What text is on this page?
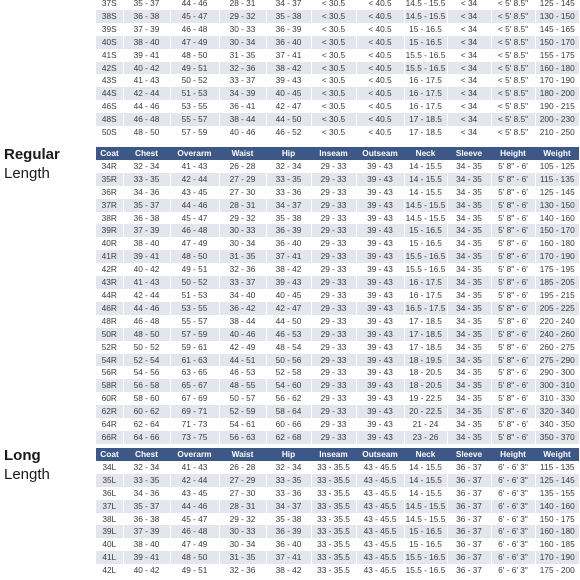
37S	35 - 37	44 - 46	28 - 31	34 - 37	< 30.5	< 40.5	14.5 - 15.5	< 34	< 5' 8.5"	125 - 145
38S	36 - 38	45 - 47	29 - 32	35 - 38	< 30.5	< 40.5	14.5 - 15.5	< 34	< 5' 8.5"	130 - 150
39S	37 - 39	46 - 48	30 - 33	36 - 39	< 30.5	< 40.5	15 - 16.5	< 34	< 5' 8.5"	145 - 165
40S	38 - 40	47 - 49	30 - 34	36 - 40	< 30.5	< 40.5	15 - 16.5	< 34	< 5' 8.5"	150 - 170
41S	39 - 41	48 - 50	31 - 35	37 - 41	< 30.5	< 40.5	15.5 - 16.5	< 34	< 5' 8.5"	155 - 175
42S	40 - 42	49 - 51	32 - 36	38 - 42	< 30.5	< 40.5	15.5 - 16.5	< 34	< 5' 8.5"	160 - 180
43S	41 - 43	50 - 52	33 - 37	39 - 43	< 30.5	< 40.5	16 - 17.5	< 34	< 5' 8.5"	170 - 190
44S	42 - 44	51 - 53	34 - 39	40 - 45	< 30.5	< 40.5	16 - 17.5	< 34	< 5' 8.5"	180 - 200
46S	44 - 46	53 - 55	36 - 41	42 - 47	< 30.5	< 40.5	16 - 17.5	< 34	< 5' 8.5"	190 - 215
48S	46 - 48	55 - 57	38 - 44	44 - 50	< 30.5	< 40.5	17 - 18.5	< 34	< 5' 8.5"	200 - 230
50S	48 - 50	57 - 59	40 - 46	46 - 52	< 30.5	< 40.5	17 - 18.5	< 34	< 5' 8.5"	210 - 250
Regular
Length
Coat	Chest	Overarm	Waist	Hip	Inseam	Outseam	Neck	Sleeve	Height	Weight
34R	32 - 34	41 - 43	26 - 28	32 - 34	29 - 33	39 - 43	14 - 15.5	34 - 35	5' 8" - 6'	105 - 125
35R	33 - 35	42 - 44	27 - 29	33 - 35	29 - 33	39 - 43	14 - 15.5	34 - 35	5' 8" - 6'	115 - 135
36R	34 - 36	43 - 45	27 - 30	33 - 36	29 - 33	39 - 43	14 - 15.5	34 - 35	5' 8" - 6'	125 - 145
37R	35 - 37	44 - 46	28 - 31	34 - 37	29 - 33	39 - 43	14.5 - 15.5	34 - 35	5' 8" - 6'	130 - 150
38R	36 - 38	45 - 47	29 - 32	35 - 38	29 - 33	39 - 43	14.5 - 15.5	34 - 35	5' 8" - 6'	140 - 160
39R	37 - 39	46 - 48	30 - 33	36 - 39	29 - 33	39 - 43	15 - 16.5	34 - 35	5' 8" - 6'	150 - 170
40R	38 - 40	47 - 49	30 - 34	36 - 40	29 - 33	39 - 43	15 - 16.5	34 - 35	5' 8" - 6'	160 - 180
41R	39 - 41	48 - 50	31 - 35	37 - 41	29 - 33	39 - 43	15.5 - 16.5	34 - 35	5' 8" - 6'	170 - 190
42R	40 - 42	49 - 51	32 - 36	38 - 42	29 - 33	39 - 43	15.5 - 16.5	34 - 35	5' 8" - 6'	175 - 195
43R	41 - 43	50 - 52	33 - 37	39 - 43	29 - 33	39 - 43	16 - 17.5	34 - 35	5' 8" - 6'	185 - 205
44R	42 - 44	51 - 53	34 - 40	40 - 45	29 - 33	39 - 43	16 - 17.5	34 - 35	5' 8" - 6'	195 - 215
46R	44 - 46	53 - 55	36 - 42	42 - 47	29 - 33	39 - 43	16.5 - 17.5	34 - 35	5' 8" - 6'	205 - 225
48R	46 - 48	55 - 57	38 - 44	44 - 50	29 - 33	39 - 43	17 - 18.5	34 - 35	5' 8" - 6'	220 - 240
50R	48 - 50	57 - 59	40 - 46	46 - 53	29 - 33	39 - 43	17 - 18.5	34 - 35	5' 8" - 6'	240 - 260
52R	50 - 52	59 - 61	42 - 49	48 - 54	29 - 33	39 - 43	17 - 18.5	34 - 35	5' 8" - 6'	260 - 275
54R	52 - 54	61 - 63	44 - 51	50 - 56	29 - 33	39 - 43	18 - 19.5	34 - 35	5' 8" - 6'	275 - 290
56R	54 - 56	63 - 65	46 - 53	52 - 58	29 - 33	39 - 43	18 - 20.5	34 - 35	5' 8" - 6'	290 - 300
58R	56 - 58	65 - 67	48 - 55	54 - 60	29 - 33	39 - 43	18 - 20.5	34 - 35	5' 8" - 6'	300 - 310
60R	58 - 60	67 - 69	50 - 57	56 - 62	29 - 33	39 - 43	19 - 22.5	34 - 35	5' 8" - 6'	310 - 330
62R	60 - 62	69 - 71	52 - 59	58 - 64	29 - 33	39 - 43	20 - 22.5	34 - 35	5' 8" - 6'	320 - 340
64R	62 - 64	71 - 73	54 - 61	60 - 66	29 - 33	39 - 43	21 - 24	34 - 35	5' 8" - 6'	340 - 350
66R	64 - 66	73 - 75	56 - 63	62 - 68	29 - 33	39 - 43	23 - 26	34 - 35	5' 8" - 6'	350 - 370
Long
Length
Coat	Chest	Overarm	Waist	Hip	Inseam	Outseam	Neck	Sleeve	Height	Weight
34L	32 - 34	41 - 43	26 - 28	32 - 34	33 - 35.5	43 - 45.5	14 - 15.5	36 - 37	6' - 6' 3"	115 - 135
35L	33 - 35	42 - 44	27 - 29	33 - 35	33 - 35.5	43 - 45.5	14 - 15.5	36 - 37	6' - 6' 3"	125 - 145
36L	34 - 36	43 - 45	27 - 30	33 - 36	33 - 35.5	43 - 45.5	14 - 15.5	36 - 37	6' - 6' 3"	135 - 155
37L	35 - 37	44 - 46	28 - 31	34 - 37	33 - 35.5	43 - 45.5	14.5 - 15.5	36 - 37	6' - 6' 3"	140 - 160
38L	36 - 38	45 - 47	29 - 32	35 - 38	33 - 35.5	43 - 45.5	14.5 - 15.5	36 - 37	6' - 6' 3"	150 - 175
39L	37 - 39	46 - 48	30 - 33	36 - 39	33 - 35.5	43 - 45.5	15 - 16.5	36 - 37	6' - 6' 3"	160 - 180
40L	38 - 40	47 - 49	30 - 34	36 - 40	33 - 35.5	43 - 45.5	15 - 16.5	36 - 37	6' - 6' 3"	160 - 185
41L	39 - 41	48 - 50	31 - 35	37 - 41	33 - 35.5	43 - 45.5	15.5 - 16.5	36 - 37	6' - 6' 3"	170 - 190
42L	40 - 42	49 - 51	32 - 36	38 - 42	33 - 35.5	43 - 45.5	15.5 - 16.5	36 - 37	6' - 6' 3"	175 - 200
